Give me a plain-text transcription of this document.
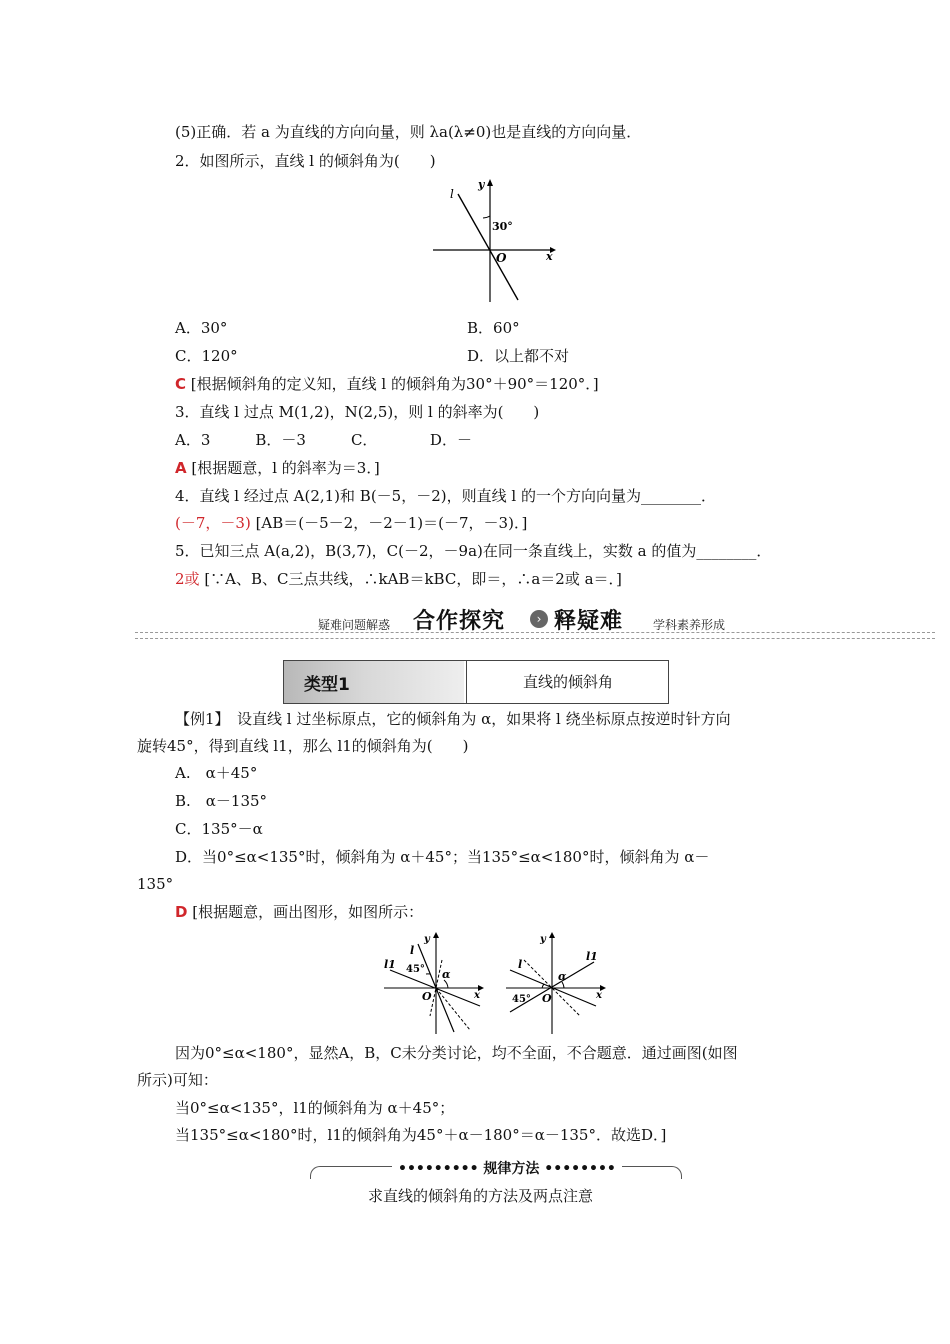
(5)正确．若 a 为直线的方向向量，则 λa(λ≠0)也是直线的方向向量．
2．如图所示，直线 l 的倾斜角为(　　)
l
y
x
O
30°
A．30°	B．60°
C．120°	D．以上都不对
C [根据倾斜角的定义知，直线 l 的倾斜角为30°＋90°＝120°．]
3．直线 l 过点 M(1,2)，N(2,5)，则 l 的斜率为(　　)
A．3　　　B．－3　　　C．　　　　D．－
A [根据题意，l 的斜率为＝3．]
4．直线 l 经过点 A(2,1)和 B(－5，－2)，则直线 l 的一个方向向量为________．
(－7，－3) [AB＝(－5－2，－2－1)＝(－7，－3)．]
5．已知三点 A(a,2)，B(3,7)，C(－2，－9a)在同一条直线上，实数 a 的值为________．
2或 [∵A、B、C三点共线，∴kAB＝kBC，即＝，∴a＝2或 a＝．]
疑难问题解惑 合作探究	› 释疑难 学科素养形成
类型1	直线的倾斜角
【例1】　设直线 l 过坐标原点，它的倾斜角为 α，如果将 l 绕坐标原点按逆时针方向
旋转45°，得到直线 l1，那么 l1的倾斜角为(　　)
A.　α＋45°
B.　α－135°
C．135°－α
D．当0°≤α<135°时，倾斜角为 α＋45°；当135°≤α<180°时，倾斜角为 α－
135°
D [根据题意，画出图形，如图所示：
l
l1
y
x
O
45° α
l
l1
y
x
O
45°
α
因为0°≤α<180°，显然A，B，C未分类讨论，均不全面，不合题意．通过画图(如图
所示)可知：
当0°≤α<135°，l1的倾斜角为 α＋45°；
当135°≤α<180°时，l1的倾斜角为45°＋α－180°＝α－135°．故选D．]
••••••••• 规律方法 ••••••••
求直线的倾斜角的方法及两点注意
